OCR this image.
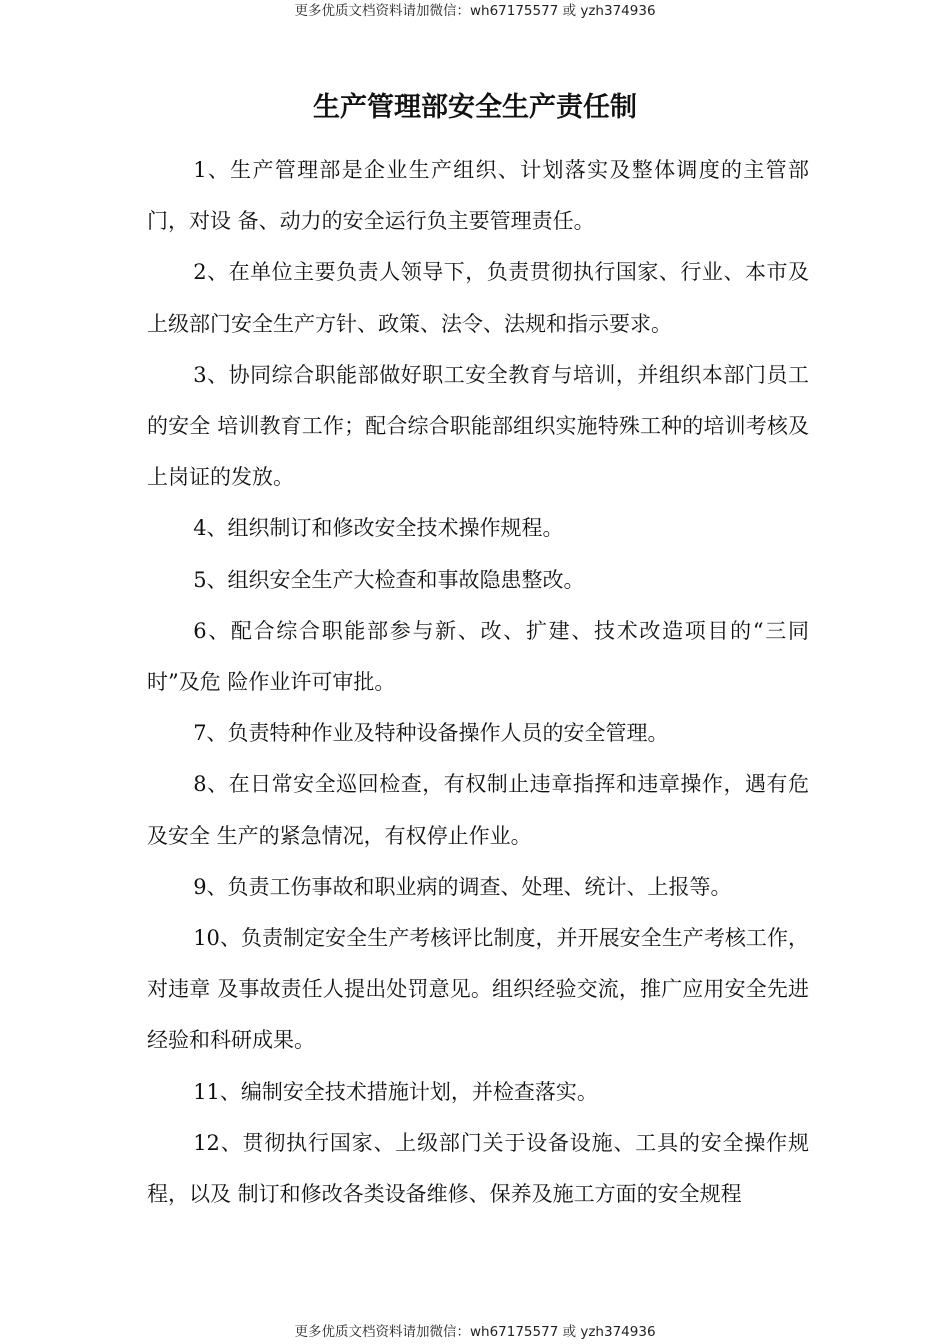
更多优质文档资料请加微信：wh67175577 或 yzh374936
生产管理部安全生产责任制

1、生产管理部是企业生产组织、计划落实及整体调度的主管部门，对设 备、动力的安全运行负主要管理责任。

2、在单位主要负责人领导下，负责贯彻执行国家、行业、本市及上级部门安全生产方针、政策、法令、法规和指示要求。

3、协同综合职能部做好职工安全教育与培训，并组织本部门员工的安全 培训教育工作；配合综合职能部组织实施特殊工种的培训考核及上岗证的发放。

4、组织制订和修改安全技术操作规程。

5、组织安全生产大检查和事故隐患整改。

6、配合综合职能部参与新、改、扩建、技术改造项目的“三同时”及危 险作业许可审批。

7、负责特种作业及特种设备操作人员的安全管理。

8、在日常安全巡回检查，有权制止违章指挥和违章操作，遇有危及安全 生产的紧急情况，有权停止作业。

9、负责工伤事故和职业病的调查、处理、统计、上报等。

10、负责制定安全生产考核评比制度，并开展安全生产考核工作，对违章 及事故责任人提出处罚意见。组织经验交流，推广应用安全先进经验和科研成果。

11、编制安全技术措施计划，并检查落实。

12、贯彻执行国家、上级部门关于设备设施、工具的安全操作规程，以及 制订和修改各类设备维修、保养及施工方面的安全规程

更多优质文档资料请加微信：wh67175577 或 yzh374936
